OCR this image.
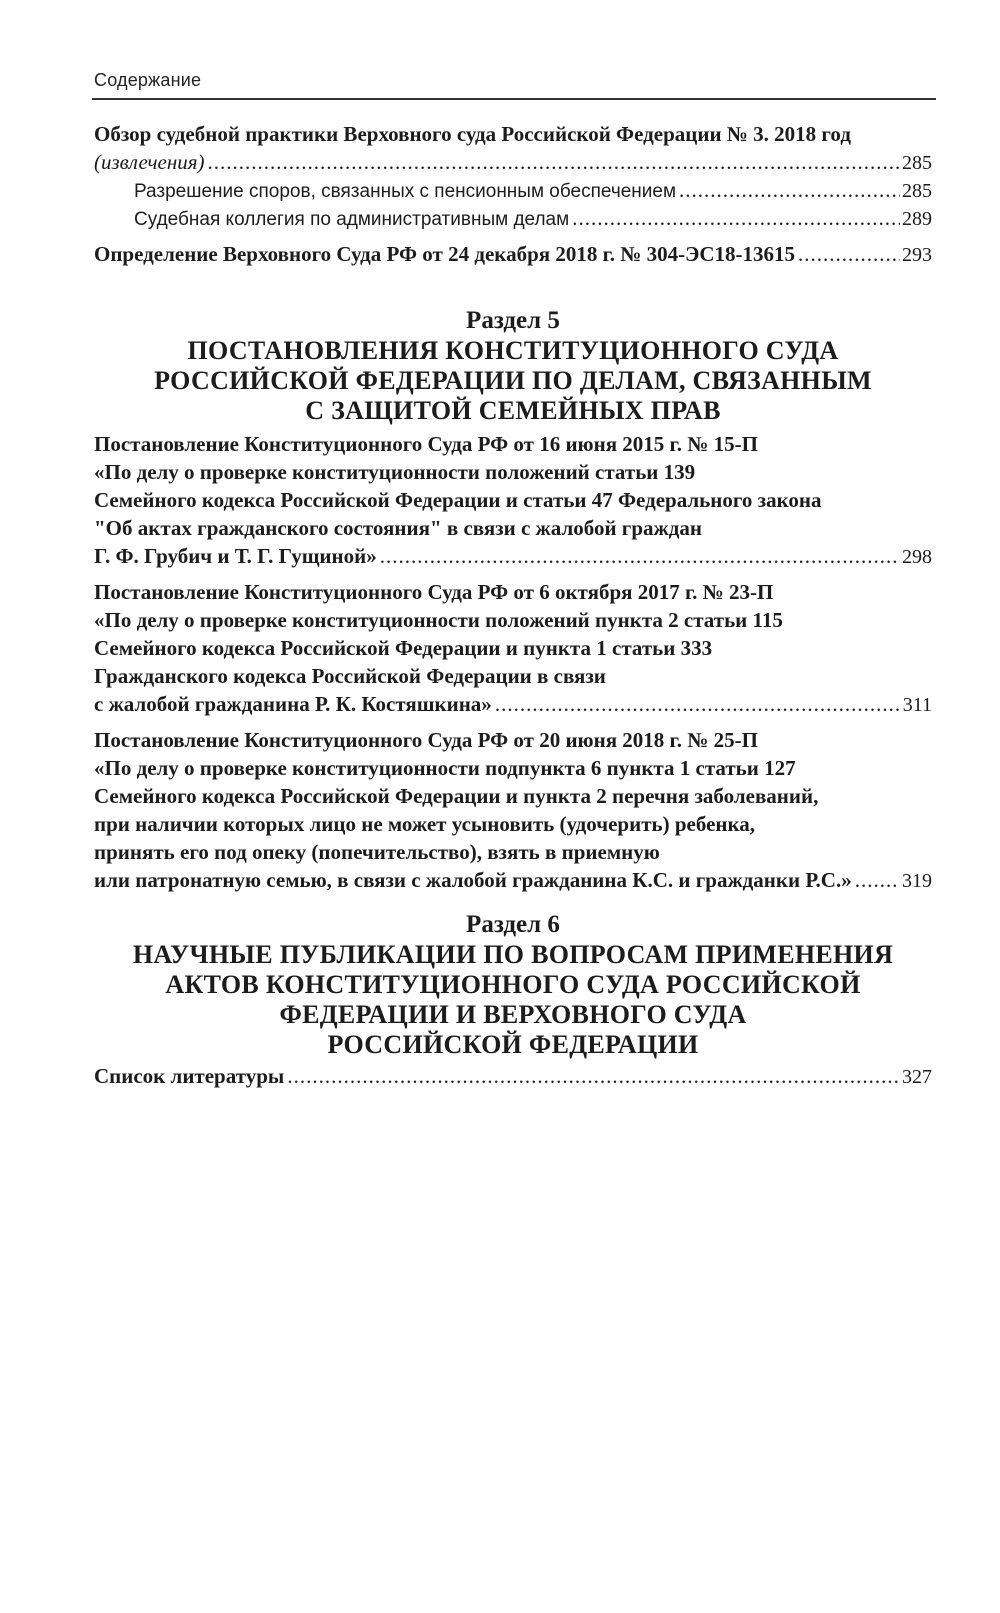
Содержание
Обзор судебной практики Верховного суда Российской Федерации № 3. 2018 год
(извлечения) .....	285
Разрешение споров, связанных с пенсионным обеспечением .....	285
Судебная коллегия по административным делам .....	289
Определение Верховного Суда РФ от 24 декабря 2018 г. № 304-ЭС18-13615 .....	293
Раздел 5
ПОСТАНОВЛЕНИЯ КОНСТИТУЦИОННОГО СУДА
РОССИЙСКОЙ ФЕДЕРАЦИИ ПО ДЕЛАМ, СВЯЗАННЫМ
С ЗАЩИТОЙ СЕМЕЙНЫХ ПРАВ
Постановление Конституционного Суда РФ от 16 июня 2015 г. № 15-П
«По делу о проверке конституционности положений статьи 139
Семейного кодекса Российской Федерации и статьи 47 Федерального закона
"Об актах гражданского состояния" в связи с жалобой граждан
Г. Ф. Грубич и Т. Г. Гущиной» .....	298
Постановление Конституционного Суда РФ от 6 октября 2017 г. № 23-П
«По делу о проверке конституционности положений пункта 2 статьи 115
Семейного кодекса Российской Федерации и пункта 1 статьи 333
Гражданского кодекса Российской Федерации в связи
с жалобой гражданина Р. К. Костяшкина» .....	311
Постановление Конституционного Суда РФ от 20 июня 2018 г. № 25-П
«По делу о проверке конституционности подпункта 6 пункта 1 статьи 127
Семейного кодекса Российской Федерации и пункта 2 перечня заболеваний,
при наличии которых лицо не может усыновить (удочерить) ребенка,
принять его под опеку (попечительство), взять в приемную
или патронатную семью, в связи с жалобой гражданина К.С. и гражданки Р.С.» .....	319
Раздел 6
НАУЧНЫЕ ПУБЛИКАЦИИ ПО ВОПРОСАМ ПРИМЕНЕНИЯ
АКТОВ КОНСТИТУЦИОННОГО СУДА РОССИЙСКОЙ
ФЕДЕРАЦИИ И ВЕРХОВНОГО СУДА
РОССИЙСКОЙ ФЕДЕРАЦИИ
Список литературы .....	327
